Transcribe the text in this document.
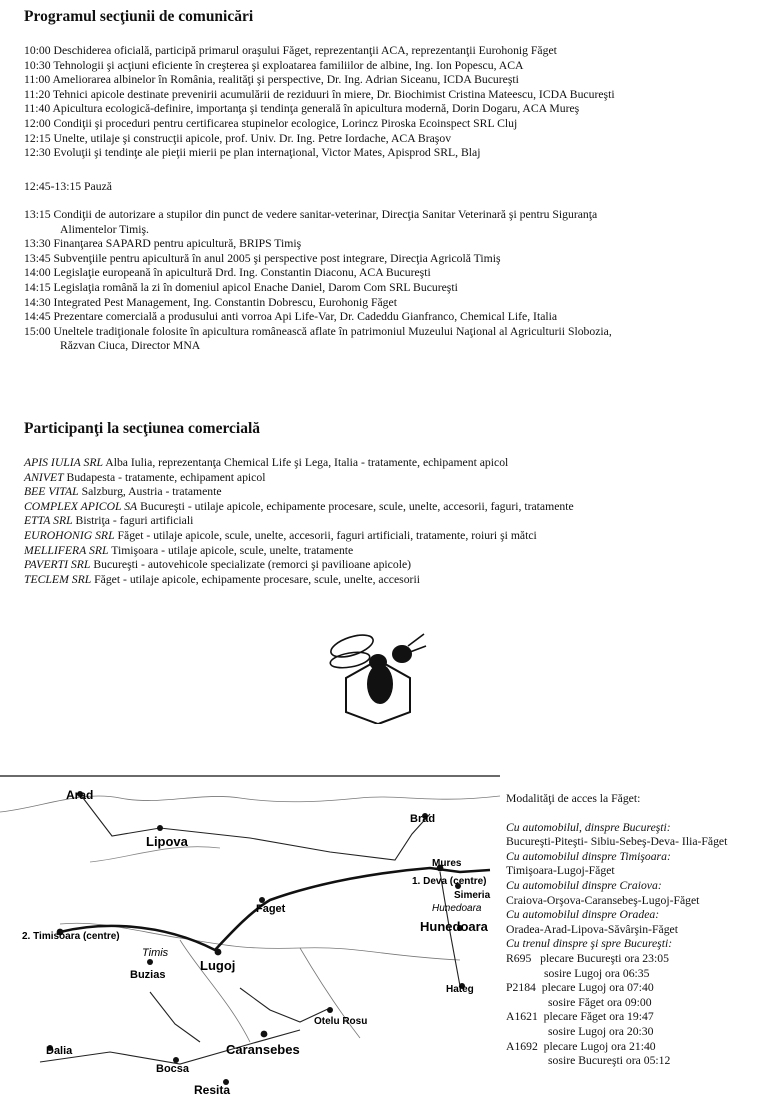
Programul secţiunii de comunicări
10:00 Deschiderea oficială, participă primarul oraşului Făget, reprezentanţii ACA, reprezentanţii Eurohonig Făget
10:30 Tehnologii şi acţiuni eficiente în creşterea şi exploatarea familiilor de albine, Ing. Ion Popescu, ACA
11:00 Ameliorarea albinelor în România, realităţi şi perspective, Dr. Ing. Adrian Siceanu, ICDA Bucureşti
11:20 Tehnici apicole destinate prevenirii acumulării de reziduuri în miere, Dr. Biochimist Cristina Mateescu, ICDA Bucureşti
11:40 Apicultura ecologică-definire, importanţa şi tendinţa generală în apicultura modernă, Dorin Dogaru, ACA Mureş
12:00 Condiţii şi proceduri pentru certificarea stupinelor ecologice, Lorincz Piroska Ecoinspect SRL Cluj
12:15 Unelte, utilaje şi construcţii apicole, prof. Univ. Dr. Ing. Petre Iordache, ACA Braşov
12:30 Evoluţii şi tendinţe ale pieţii mierii pe plan internaţional, Victor Mates, Apisprod SRL, Blaj
12:45-13:15 Pauză
13:15 Condiţii de autorizare a stupilor din punct de vedere sanitar-veterinar, Direcţia Sanitar Veterinară şi pentru Siguranţa
Alimentelor Timiş.
13:30 Finanţarea SAPARD pentru apicultură, BRIPS Timiş
13:45 Subvenţiile pentru apicultură în anul 2005 şi perspective post integrare, Direcţia Agricolă Timiş
14:00 Legislaţie europeană în apicultură Drd. Ing. Constantin Diaconu, ACA Bucureşti
14:15 Legislaţia română la zi în domeniul apicol Enache Daniel, Darom Com SRL Bucureşti
14:30 Integrated Pest Management, Ing. Constantin Dobrescu, Eurohonig Făget
14:45 Prezentare comercială a produsului anti vorroa Api Life-Var, Dr. Cadeddu Gianfranco, Chemical Life, Italia
15:00 Uneltele tradiţionale folosite în apicultura românească aflate în patrimoniul Muzeului Naţional al Agriculturii Slobozia,
Răzvan Ciuca, Director MNA
Participanţi la secţiunea comercială
APIS IULIA SRL Alba Iulia, reprezentanţa Chemical Life şi Lega, Italia - tratamente, echipament apicol
ANIVET Budapesta - tratamente, echipament apicol
BEE VITAL Salzburg, Austria - tratamente
COMPLEX APICOL SA Bucureşti - utilaje apicole, echipamente procesare, scule, unelte, accesorii, faguri, tratamente
ETTA SRL Bistriţa - faguri artificiali
EUROHONIG SRL Făget - utilaje apicole, scule, unelte, accesorii, faguri artificiali, tratamente, roiuri şi mătci
MELLIFERA SRL Timişoara - utilaje apicole, scule, unelte, tratamente
PAVERTI SRL Bucureşti - autovehicole specializate (remorci şi pavilioane apicole)
TECLEM SRL Făget - utilaje apicole, echipamente procesare, scule, unelte, accesorii
Arad
Lipova
Brad
Mures
1. Deva (centre)
Simeria
Hunedoara
Hunedoara
Hateg
Faget
2. Timisoara (centre)
Timis
Buzias
Lugoj
Otelu Rosu
Caransebes
Dalia
Bocsa
Resita
Modalităţi de acces la Făget:
Cu automobilul, dinspre Bucureşti:
Bucureşti-Piteşti- Sibiu-Sebeş-Deva- Ilia-Făget
Cu automobilul dinspre Timişoara:
Timişoara-Lugoj-Făget
Cu automobilul dinspre Craiova:
Craiova-Orşova-Caransebeş-Lugoj-Făget
Cu automobilul dinspre Oradea:
Oradea-Arad-Lipova-Săvârşin-Făget
Cu trenul dinspre şi spre Bucureşti:
R695 plecare Bucureşti ora 23:05
sosire Lugoj ora 06:35
P2184 plecare Lugoj ora 07:40
sosire Făget ora 09:00
A1621 plecare Făget ora 19:47
sosire Lugoj ora 20:30
A1692 plecare Lugoj ora 21:40
sosire Bucureşti ora 05:12
